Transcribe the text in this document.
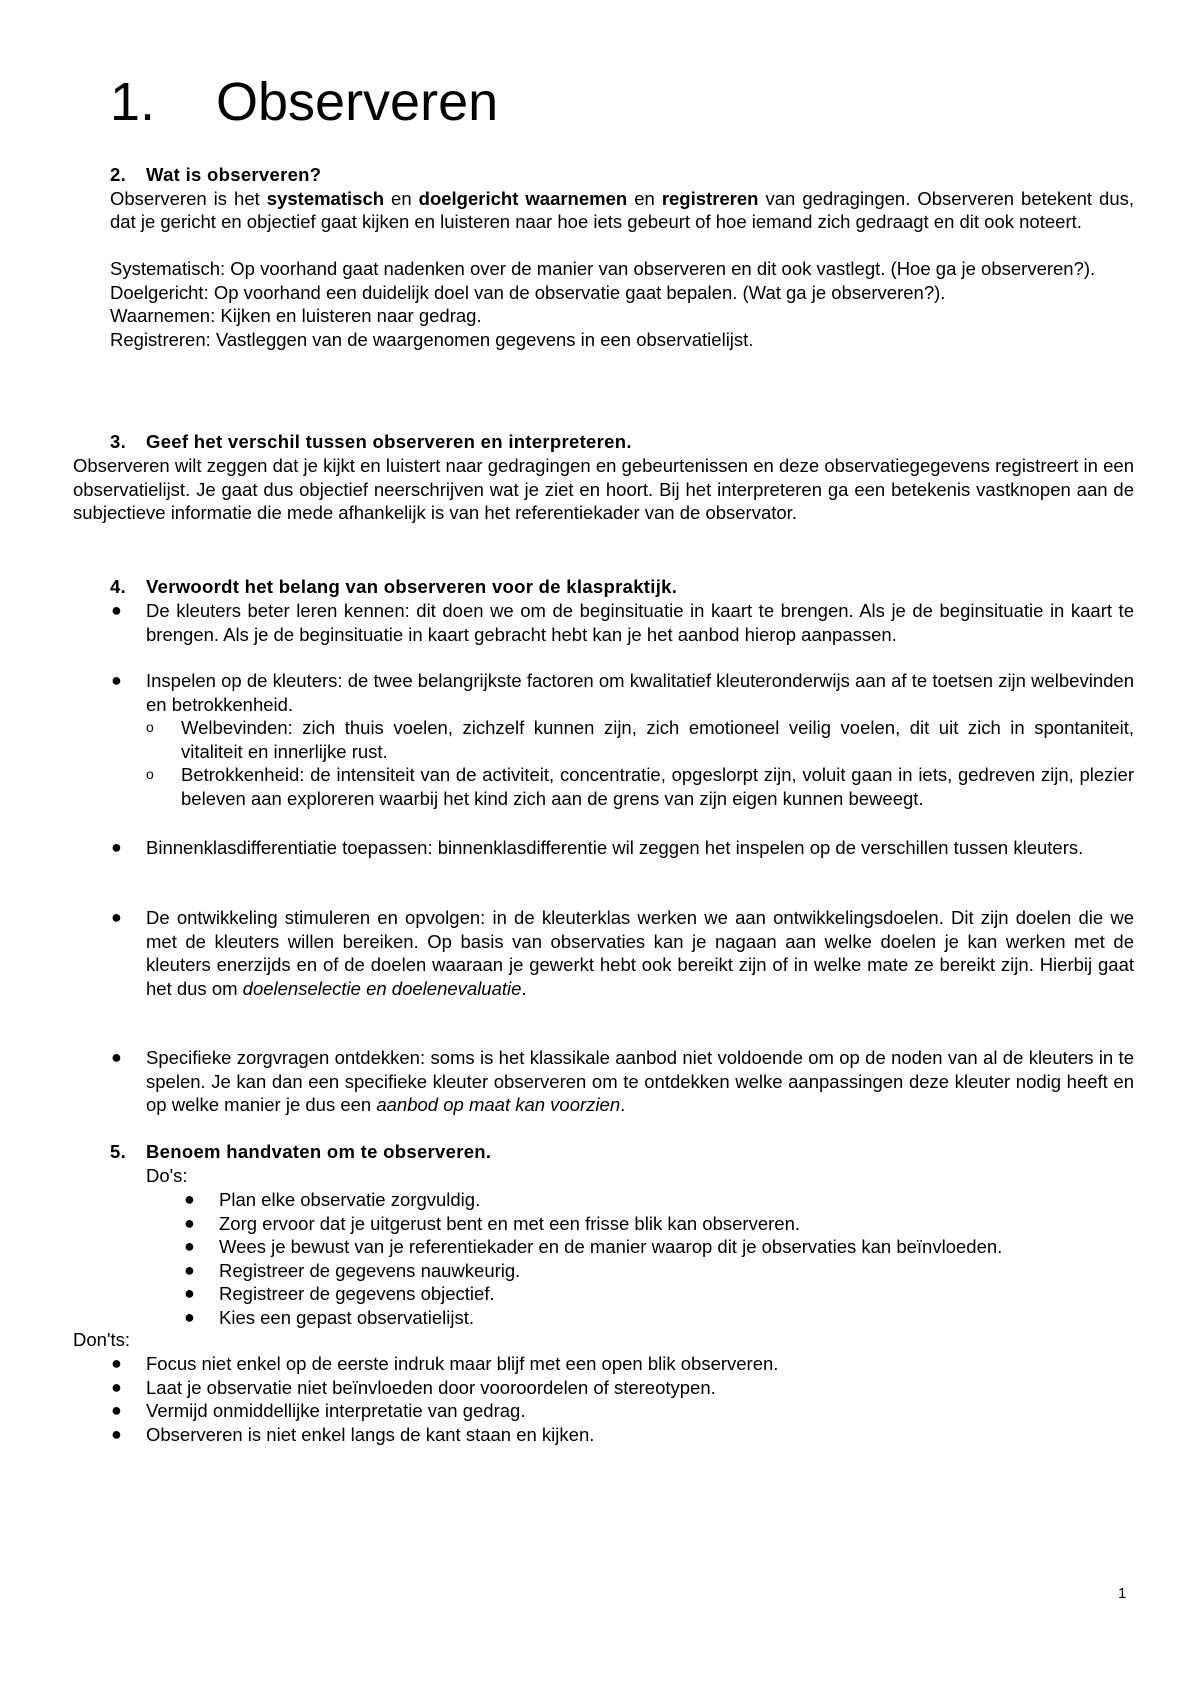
1. Observeren
2. Wat is observeren?

Observeren is het systematisch en doelgericht waarnemen en registreren van gedragingen. Observeren betekent dus, dat je gericht en objectief gaat kijken en luisteren naar hoe iets gebeurt of hoe iemand zich gedraagt en dit ook noteert.

Systematisch: Op voorhand gaat nadenken over de manier van observeren en dit ook vastlegt. (Hoe ga je observeren?).

Doelgericht: Op voorhand een duidelijk doel van de observatie gaat bepalen. (Wat ga je observeren?).

Waarnemen: Kijken en luisteren naar gedrag.

Registreren: Vastleggen van de waargenomen gegevens in een observatielijst.

3. Geef het verschil tussen observeren en interpreteren.

Observeren wilt zeggen dat je kijkt en luistert naar gedragingen en gebeurtenissen en deze observatiegegevens registreert in een observatielijst. Je gaat dus objectief neerschrijven wat je ziet en hoort. Bij het interpreteren ga een betekenis vastknopen aan de subjectieve informatie die mede afhankelijk is van het referentiekader van de observator.

4. Verwoordt het belang van observeren voor de klaspraktijk.
● De kleuters beter leren kennen: dit doen we om de beginsituatie in kaart te brengen. Als je de beginsituatie in kaart te brengen. Als je de beginsituatie in kaart gebracht hebt kan je het aanbod hierop aanpassen.
● Inspelen op de kleuters: de twee belangrijkste factoren om kwalitatief kleuteronderwijs aan af te toetsen zijn welbevinden en betrokkenheid.
o Welbevinden: zich thuis voelen, zichzelf kunnen zijn, zich emotioneel veilig voelen, dit uit zich in spontaniteit, vitaliteit en innerlijke rust.
o Betrokkenheid: de intensiteit van de activiteit, concentratie, opgeslorpt zijn, voluit gaan in iets, gedreven zijn, plezier beleven aan exploreren waarbij het kind zich aan de grens van zijn eigen kunnen beweegt.
● Binnenklasdifferentiatie toepassen: binnenklasdifferentie wil zeggen het inspelen op de verschillen tussen kleuters.
● De ontwikkeling stimuleren en opvolgen: in de kleuterklas werken we aan ontwikkelingsdoelen. Dit zijn doelen die we met de kleuters willen bereiken. Op basis van observaties kan je nagaan aan welke doelen je kan werken met de kleuters enerzijds en of de doelen waaraan je gewerkt hebt ook bereikt zijn of in welke mate ze bereikt zijn. Hierbij gaat het dus om doelenselectie en doelenevaluatie.
● Specifieke zorgvragen ontdekken: soms is het klassikale aanbod niet voldoende om op de noden van al de kleuters in te spelen. Je kan dan een specifieke kleuter observeren om te ontdekken welke aanpassingen deze kleuter nodig heeft en op welke manier je dus een aanbod op maat kan voorzien.
5. Benoem handvaten om te observeren.

Do's:

● Plan elke observatie zorgvuldig.
● Zorg ervoor dat je uitgerust bent en met een frisse blik kan observeren.
● Wees je bewust van je referentiekader en de manier waarop dit je observaties kan beïnvloeden.
● Registreer de gegevens nauwkeurig.
● Registreer de gegevens objectief.
● Kies een gepast observatielijst.

Don'ts:

● Focus niet enkel op de eerste indruk maar blijf met een open blik observeren.
● Laat je observatie niet beïnvloeden door vooroordelen of stereotypen.
● Vermijd onmiddellijke interpretatie van gedrag.
● Observeren is niet enkel langs de kant staan en kijken.
1
